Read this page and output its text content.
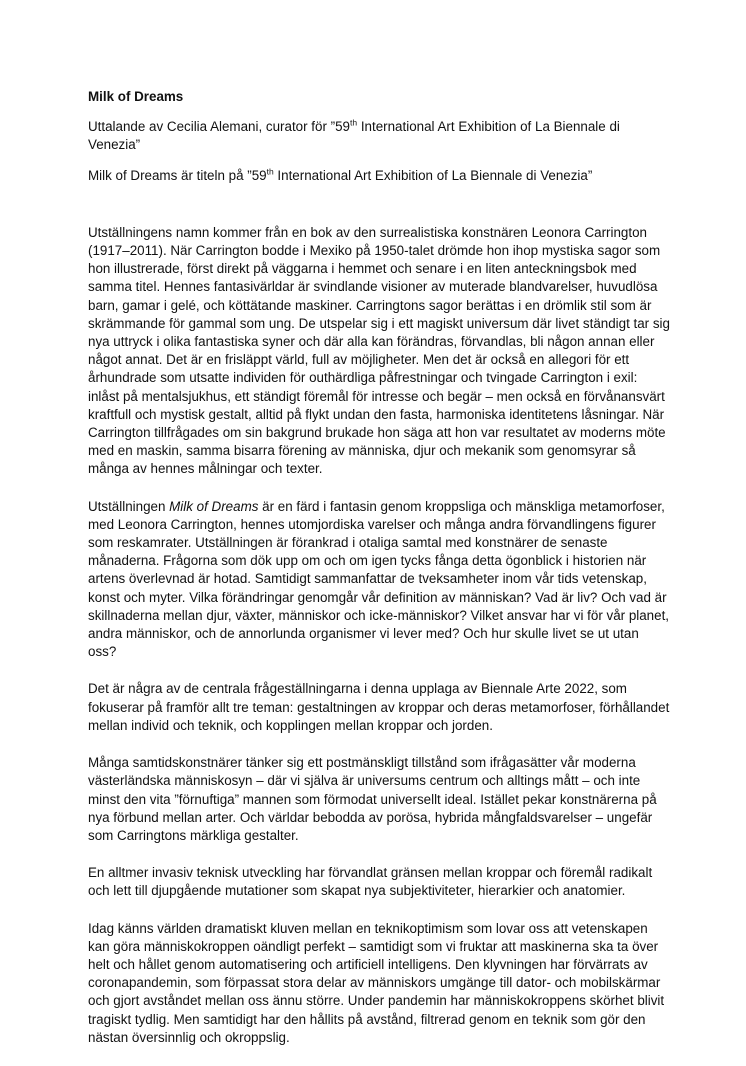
Milk of Dreams

Uttalande av Cecilia Alemani, curator för ”59th International Art Exhibition of La Biennale di Venezia”

Milk of Dreams är titeln på ”59th International Art Exhibition of La Biennale di Venezia”

Utställningens namn kommer från en bok av den surrealistiska konstnären Leonora Carrington (1917–2011). När Carrington bodde i Mexiko på 1950-talet drömde hon ihop mystiska sagor som hon illustrerade, först direkt på väggarna i hemmet och senare i en liten anteckningsbok med samma titel. Hennes fantasivärldar är svindlande visioner av muterade blandvarelser, huvudlösa barn, gamar i gelé, och köttätande maskiner. Carringtons sagor berättas i en drömlik stil som är skrämmande för gammal som ung. De utspelar sig i ett magiskt universum där livet ständigt tar sig nya uttryck i olika fantastiska syner och där alla kan förändras, förvandlas, bli någon annan eller något annat. Det är en frisläppt värld, full av möjligheter. Men det är också en allegori för ett århundrade som utsatte individen för outhärdliga påfrestningar och tvingade Carrington i exil: inlåst på mentalsjukhus, ett ständigt föremål för intresse och begär – men också en förvånansvärt kraftfull och mystisk gestalt, alltid på flykt undan den fasta, harmoniska identitetens låsningar. När Carrington tillfrågades om sin bakgrund brukade hon säga att hon var resultatet av moderns möte med en maskin, samma bisarra förening av människa, djur och mekanik som genomsyrar så många av hennes målningar och texter.

Utställningen Milk of Dreams är en färd i fantasin genom kroppsliga och mänskliga metamorfoser, med Leonora Carrington, hennes utomjordiska varelser och många andra förvandlingens figurer som reskamrater. Utställningen är förankrad i otaliga samtal med konstnärer de senaste månaderna. Frågorna som dök upp om och om igen tycks fånga detta ögonblick i historien när artens överlevnad är hotad. Samtidigt sammanfattar de tveksamheter inom vår tids vetenskap, konst och myter. Vilka förändringar genomgår vår definition av människan? Vad är liv? Och vad är skillnaderna mellan djur, växter, människor och icke-människor? Vilket ansvar har vi för vår planet, andra människor, och de annorlunda organismer vi lever med? Och hur skulle livet se ut utan oss?

Det är några av de centrala frågeställningarna i denna upplaga av Biennale Arte 2022, som fokuserar på framför allt tre teman: gestaltningen av kroppar och deras metamorfoser, förhållandet mellan individ och teknik, och kopplingen mellan kroppar och jorden.

Många samtidskonstnärer tänker sig ett postmänskligt tillstånd som ifrågasätter vår moderna västerländska människosyn – där vi själva är universums centrum och alltings mått – och inte minst den vita ”förnuftiga” mannen som förmodat universellt ideal. Istället pekar konstnärerna på nya förbund mellan arter. Och världar bebodda av porösa, hybrida mångfaldsvarelser – ungefär som Carringtons märkliga gestalter.

En alltmer invasiv teknisk utveckling har förvandlat gränsen mellan kroppar och föremål radikalt och lett till djupgående mutationer som skapat nya subjektiviteter, hierarkier och anatomier.

Idag känns världen dramatiskt kluven mellan en teknikoptimism som lovar oss att vetenskapen kan göra människokroppen oändligt perfekt – samtidigt som vi fruktar att maskinerna ska ta över helt och hållet genom automatisering och artificiell intelligens. Den klyvningen har förvärrats av coronapandemin, som förpassat stora delar av människors umgänge till dator- och mobilskärmar och gjort avståndet mellan oss ännu större. Under pandemin har människokroppens skörhet blivit tragiskt tydlig. Men samtidigt har den hållits på avstånd, filtrerad genom en teknik som gör den nästan översinnlig och okroppslig.
